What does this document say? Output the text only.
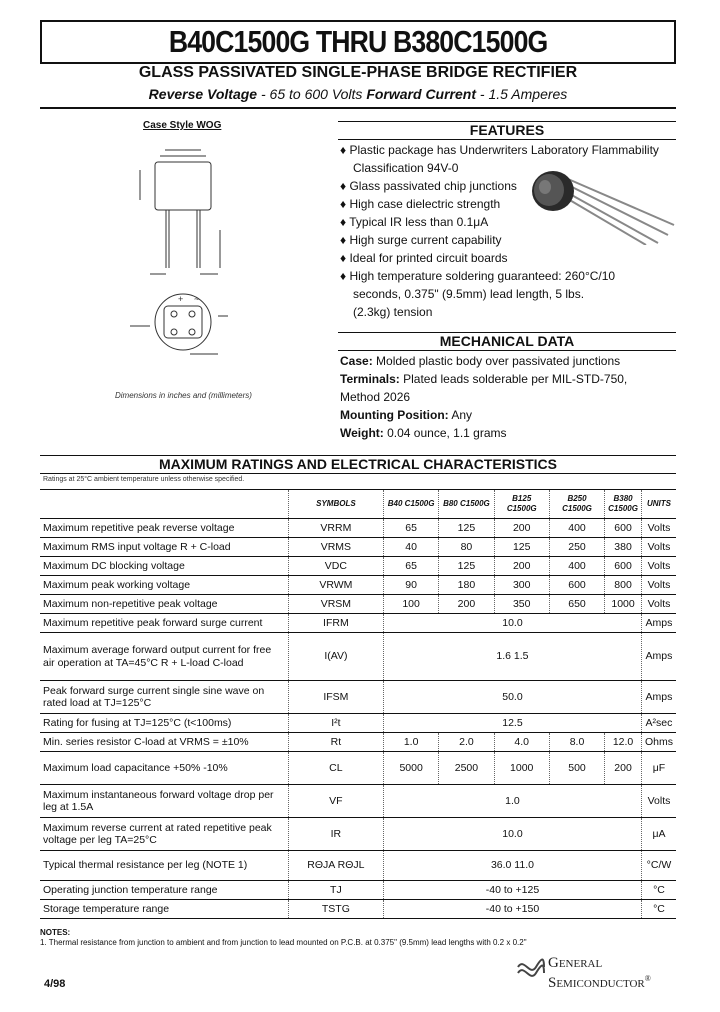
B40C1500G THRU B380C1500G
GLASS PASSIVATED SINGLE-PHASE BRIDGE RECTIFIER
Reverse Voltage - 65 to 600 Volts Forward Current - 1.5 Amperes
Case Style WOG
+ ~
Dimensions in inches and (millimeters)
FEATURES
♦ Plastic package has Underwriters Laboratory Flammability Classification 94V-0
♦ Glass passivated chip junctions
♦ High case dielectric strength
♦ Typical IR less than 0.1μA
♦ High surge current capability
♦ Ideal for printed circuit boards
♦ High temperature soldering guaranteed: 260°C/10 seconds, 0.375" (9.5mm) lead length, 5 lbs. (2.3kg) tension
MECHANICAL DATA
Case: Molded plastic body over passivated junctions
Terminals: Plated leads solderable per MIL-STD-750, Method 2026
Mounting Position: Any
Weight: 0.04 ounce, 1.1 grams
MAXIMUM RATINGS AND ELECTRICAL CHARACTERISTICS
Ratings at 25°C ambient temperature unless otherwise specified.
	SYMBOLS	B40 C1500G	B80 C1500G	B125 C1500G	B250 C1500G	B380 C1500G	UNITS
Maximum repetitive peak reverse voltage	VRRM	65	125	200	400	600	Volts
Maximum RMS input voltage R + C-load	VRMS	40	80	125	250	380	Volts
Maximum DC blocking voltage	VDC	65	125	200	400	600	Volts
Maximum peak working voltage	VRWM	90	180	300	600	800	Volts
Maximum non-repetitive peak voltage	VRSM	100	200	350	650	1000	Volts
Maximum repetitive peak forward surge current	IFRM	10.0					Amps
Maximum average forward output current for free air operation at TA=45°C R + L-load C-load	I(AV)	1.6 1.5					Amps
Peak forward surge current single sine wave on rated load at TJ=125°C	IFSM	50.0					Amps
Rating for fusing at TJ=125°C (t<100ms)	I²t	12.5					A²sec
Min. series resistor C-load at VRMS = ±10%	Rt	1.0	2.0	4.0	8.0	12.0	Ohms
Maximum load capacitance +50% -10%	CL	5000	2500	1000	500	200	μF
Maximum instantaneous forward voltage drop per leg at 1.5A	VF	1.0					Volts
Maximum reverse current at rated repetitive peak voltage per leg TA=25°C	IR	10.0					μA
Typical thermal resistance per leg (NOTE 1)	RΘJA RΘJL	36.0 11.0					°C/W
Operating junction temperature range	TJ	-40 to +125					°C
Storage temperature range	TSTG	-40 to +150					°C
NOTES:
1. Thermal resistance from junction to ambient and from junction to lead mounted on P.C.B. at 0.375" (9.5mm) lead lengths with 0.2 x 0.2"
4/98
General
Semiconductor®
